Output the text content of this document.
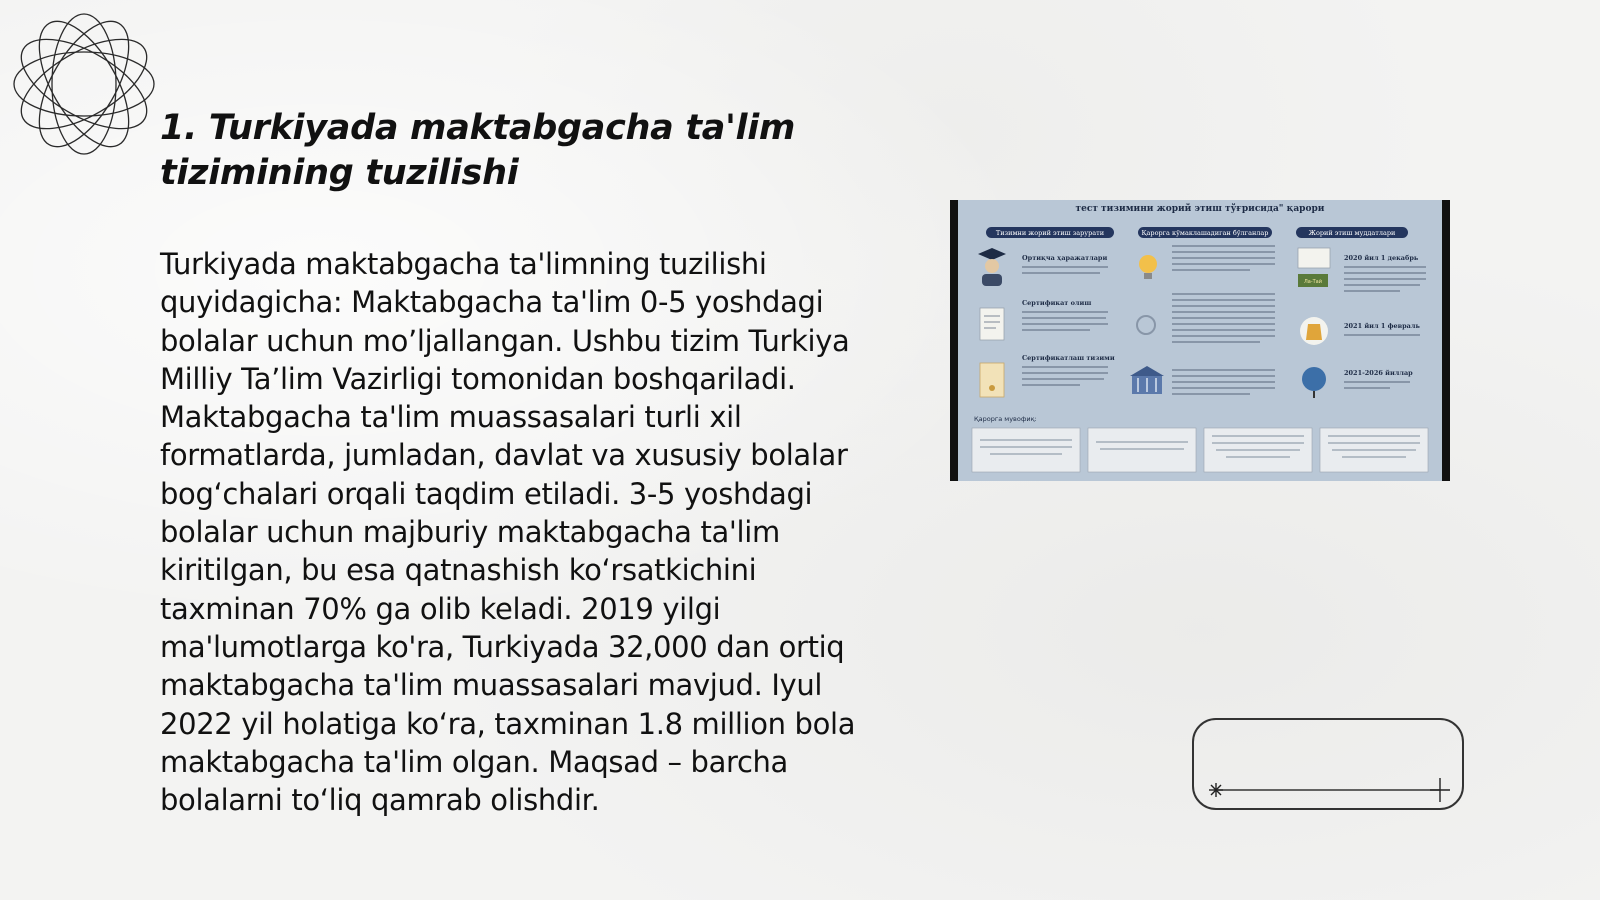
1. Turkiyada maktabgacha ta'lim tizimining tuzilishi

Turkiyada maktabgacha ta'limning tuzilishi quyidagicha: Maktabgacha ta'lim 0-5 yoshdagi bolalar uchun mo’ljallangan. Ushbu tizim Turkiya Milliy Ta’lim Vazirligi tomonidan boshqariladi. Maktabgacha ta'lim muassasalari turli xil formatlarda, jumladan, davlat va xususiy bolalar bog‘chalari orqali taqdim etiladi. 3-5 yoshdagi bolalar uchun majburiy maktabgacha ta'lim kiritilgan, bu esa qatnashish ko‘rsatkichini taxminan 70% ga olib keladi. 2019 yilgi ma'lumotlarga ko'ra, Turkiyada 32,000 dan ortiq maktabgacha ta'lim muassasalari mavjud. Iyul 2022 yil holatiga ko‘ra, taxminan 1.8 million bola maktabgacha ta'lim olgan. Maqsad – barcha bolalarni to‘liq qamrab olishdir.

тест тизимини жорий этиш тўғрисида" қарори
Тизимни жорий этиш зарурати	Қарорга кўмаклашадиган бўлганлар	Жорий этиш муддатлари
Ортиқча ҳаражатлари
Сертификат олиш
Сертификатлаш тизими
Ла-Тай
2020 йил 1 декабрь
2021 йил 1 февраль
2021-2026 йиллар
Қарорга мувофиқ:
